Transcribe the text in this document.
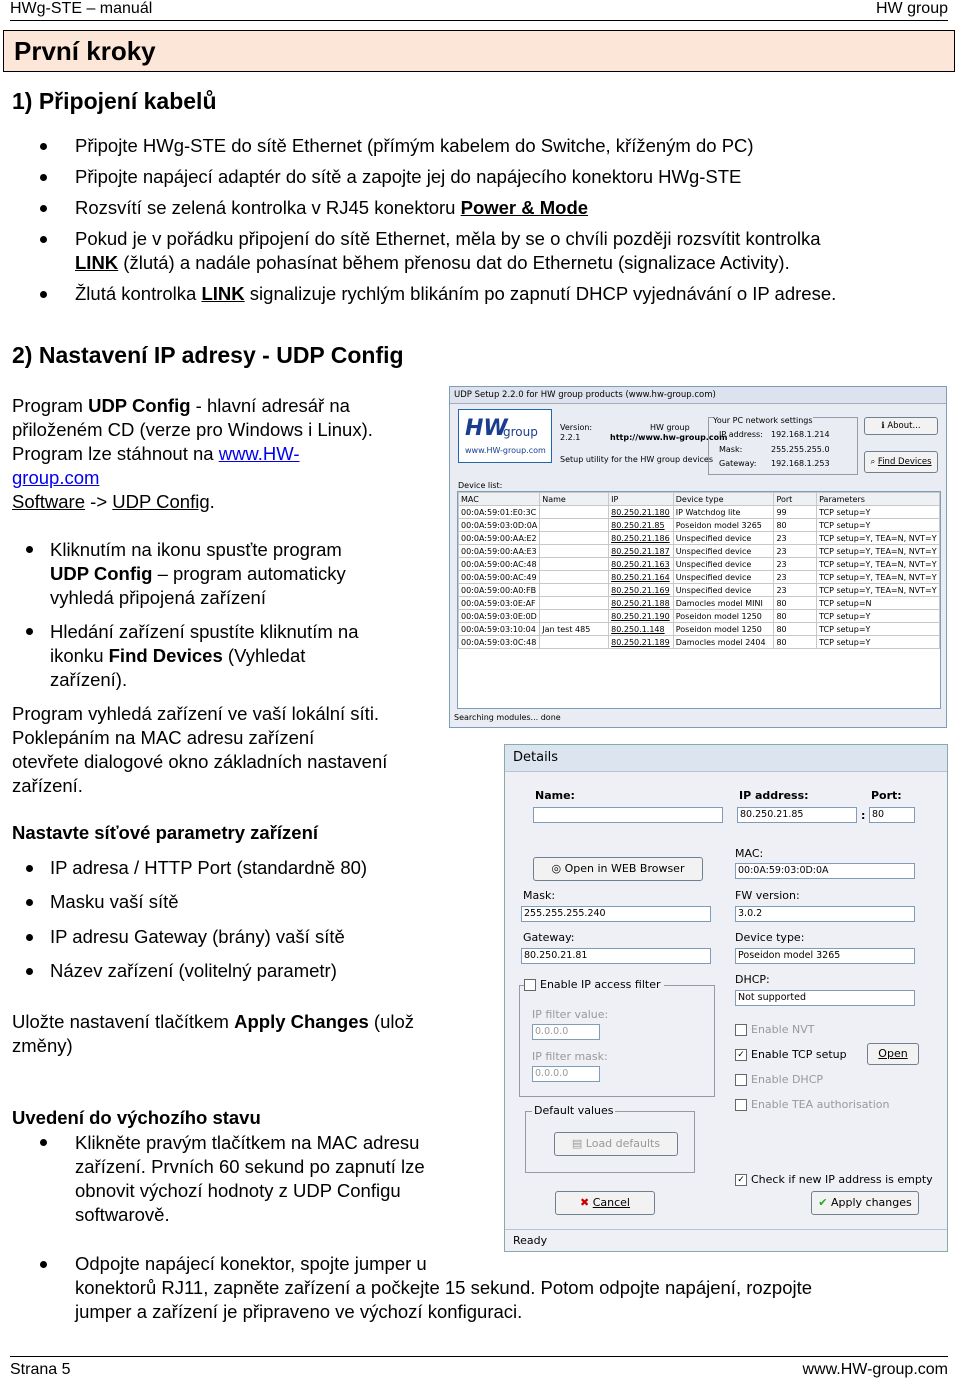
HWg-STE – manuál	HW group
První kroky
1) Připojení kabelů
Připojte HWg-STE do sítě Ethernet (přímým kabelem do Switche, kříženým do PC)
Připojte napájecí adaptér do sítě a zapojte jej do napájecího konektoru HWg-STE
Rozsvítí se zelená kontrolka v RJ45 konektoru Power & Mode
Pokud je v pořádku připojení do sítě Ethernet, měla by se o chvíli později rozsvítit kontrolka
LINK (žlutá) a nadále pohasínat během přenosu dat do Ethernetu (signalizace Activity).
Žlutá kontrolka LINK signalizuje rychlým blikáním po zapnutí DHCP vyjednávání o IP adrese.
2) Nastavení IP adresy - UDP Config
Program UDP Config - hlavní adresář na
přiloženém CD (verze pro Windows i Linux).
Program lze stáhnout na www.HW-
group.com
Software -> UDP Config.
Kliknutím na ikonu spusťte program
UDP Config – program automaticky
vyhledá připojená zařízení
Hledání zařízení spustíte kliknutím na
ikonku Find Devices (Vyhledat
zařízení).
Program vyhledá zařízení ve vaší lokální síti.
Poklepáním na MAC adresu zařízení
otevřete dialogové okno základních nastavení
zařízení.
Nastavte síťové parametry zařízení
IP adresa / HTTP Port (standardně 80)
Masku vaší sítě
IP adresu Gateway (brány) vaší sítě
Název zařízení (volitelný parametr)
Uložte nastavení tlačítkem Apply Changes (ulož
změny)
Uvedení do výchozího stavu
Klikněte pravým tlačítkem na MAC adresu
zařízení. Prvních 60 sekund po zapnutí lze
obnovit výchozí hodnoty z UDP Configu
softwarově.
Odpojte napájecí konektor, spojte jumper u
konektorů RJ11, zapněte zařízení a počkejte 15 sekund. Potom odpojte napájení, rozpojte
jumper a zařízení je připraveno ve výchozí konfiguraci.
UDP Setup 2.2.0 for HW group products (www.hw-group.com)
HW
group
www.HW-group.com
Version:
2.2.1
HW group
http://www.hw-group.com
Setup utility for the HW group devices
Your PC network settings
IP address: 192.168.1.214
Mask:	255.255.255.0
Gateway: 192.168.1.253
ℹ About...
⌕ Find Devices
Device list:
MAC	Name	IP	Device type	Port	Parameters
00:0A:59:01:E0:3C		80.250.21.180	IP Watchdog lite	99	TCP setup=Y
00:0A:59:03:0D:0A		80.250.21.85	Poseidon model 3265	80	TCP setup=Y
00:0A:59:00:AA:E2		80.250.21.186	Unspecified device	23	TCP setup=Y, TEA=N, NVT=Y
00:0A:59:00:AA:E3		80.250.21.187	Unspecified device	23	TCP setup=Y, TEA=N, NVT=Y
00:0A:59:00:AC:48		80.250.21.163	Unspecified device	23	TCP setup=Y, TEA=N, NVT=Y
00:0A:59:00:AC:49		80.250.21.164	Unspecified device	23	TCP setup=Y, TEA=N, NVT=Y
00:0A:59:00:A0:FB		80.250.21.169	Unspecified device	23	TCP setup=Y, TEA=N, NVT=Y
00:0A:59:03:0E:AF		80.250.21.188	Damocles model MINI	80	TCP setup=N
00:0A:59:03:0E:0D		80.250.21.190	Poseidon model 1250	80	TCP setup=Y
00:0A:59:03:10:04	Jan test 485	80.250.1.148	Poseidon model 1250	80	TCP setup=Y
00:0A:59:03:0C:48		80.250.21.189	Damocles model 2404	80	TCP setup=Y
Searching modules... done
Details
Name:	IP address:
80.250.21.85	:
Port:
80
◎ Open in WEB Browser
MAC:
00:0A:59:03:0D:0A
Mask:
255.255.255.240
FW version:
3.0.2
Gateway:
80.250.21.81
Device type:
Poseidon model 3265
DHCP:
Not supported
Enable IP access filter
IP filter value:
0.0.0.0
IP filter mask:
0.0.0.0
Enable NVT
✓ Enable TCP setup	Open
Enable DHCP
Enable TEA authorisation
Default values
▤ Load defaults
✓ Check if new IP address is empty
✖ Cancel	✔ Apply changes
Ready
Strana 5	www.HW-group.com
